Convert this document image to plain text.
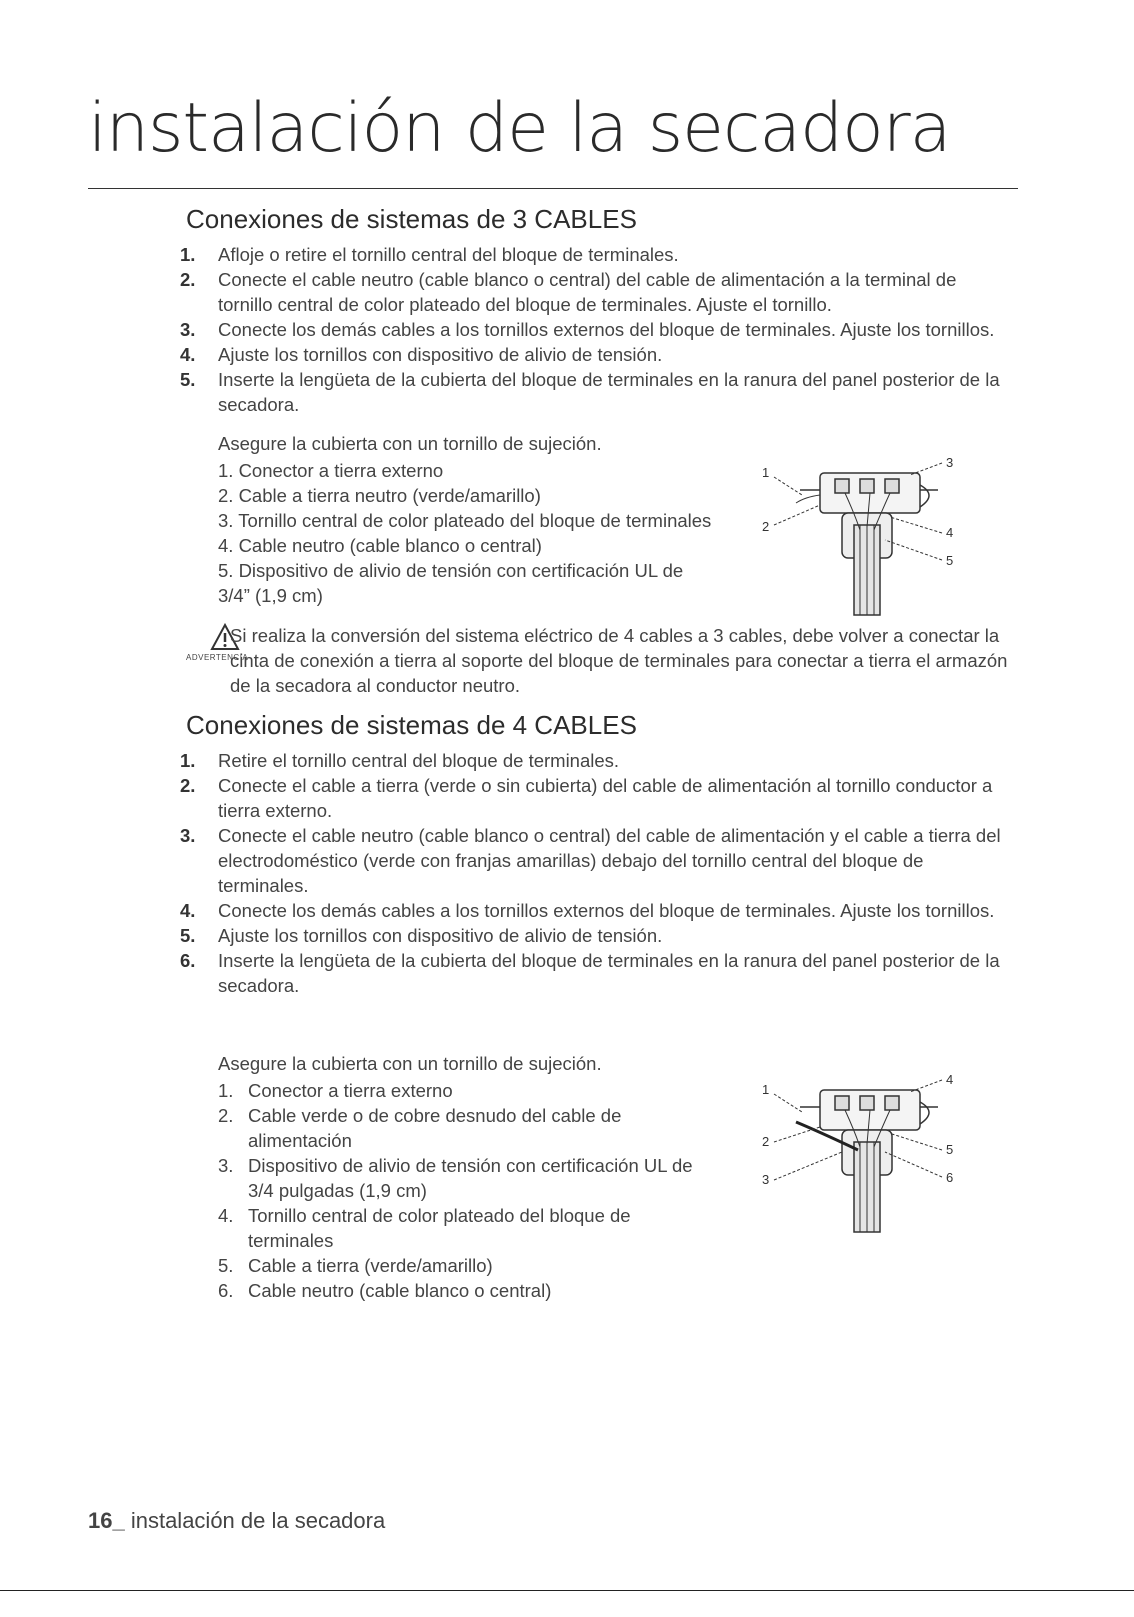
instalación de la secadora
Conexiones de sistemas de 3 CABLES
1.	Afloje o retire el tornillo central del bloque de terminales.
2.	Conecte el cable neutro (cable blanco o central) del cable de alimentación a la terminal de tornillo central de color plateado del bloque de terminales. Ajuste el tornillo.
3.	Conecte los demás cables a los tornillos externos del bloque de terminales. Ajuste los tornillos.
4.	Ajuste los tornillos con dispositivo de alivio de tensión.
5.	Inserte la lengüeta de la cubierta del bloque de terminales en la ranura del panel posterior de la secadora.
Asegure la cubierta con un tornillo de sujeción.
1. Conector a tierra externo
2. Cable a tierra neutro (verde/amarillo)
3. Tornillo central de color plateado del bloque de terminales
4. Cable neutro (cable blanco o central)
5. Dispositivo de alivio de tensión con certificación UL de 3/4” (1,9 cm)
1
2
3
4
5
ADVERTENCIA
Si realiza la conversión del sistema eléctrico de 4 cables a 3 cables, debe volver a conectar la cinta de conexión a tierra al soporte del bloque de terminales para conectar a tierra el armazón de la secadora al conductor neutro.
Conexiones de sistemas de 4 CABLES
1.	Retire el tornillo central del bloque de terminales.
2.	Conecte el cable a tierra (verde o sin cubierta) del cable de alimentación al tornillo conductor a tierra externo.
3.	Conecte el cable neutro (cable blanco o central) del cable de alimentación y el cable a tierra del electrodoméstico (verde con franjas amarillas) debajo del tornillo central del bloque de terminales.
4.	Conecte los demás cables a los tornillos externos del bloque de terminales. Ajuste los tornillos.
5.	Ajuste los tornillos con dispositivo de alivio de tensión.
6.	Inserte la lengüeta de la cubierta del bloque de terminales en la ranura del panel posterior de la secadora.
Asegure la cubierta con un tornillo de sujeción.
1. Conector a tierra externo
2. Cable verde o de cobre desnudo del cable de alimentación
3. Dispositivo de alivio de tensión con certificación UL de 3/4 pulgadas (1,9 cm)
4. Tornillo central de color plateado del bloque de terminales
5. Cable a tierra (verde/amarillo)
6. Cable neutro (cable blanco o central)
1
2
3
4
5
6
16_ instalación de la secadora
